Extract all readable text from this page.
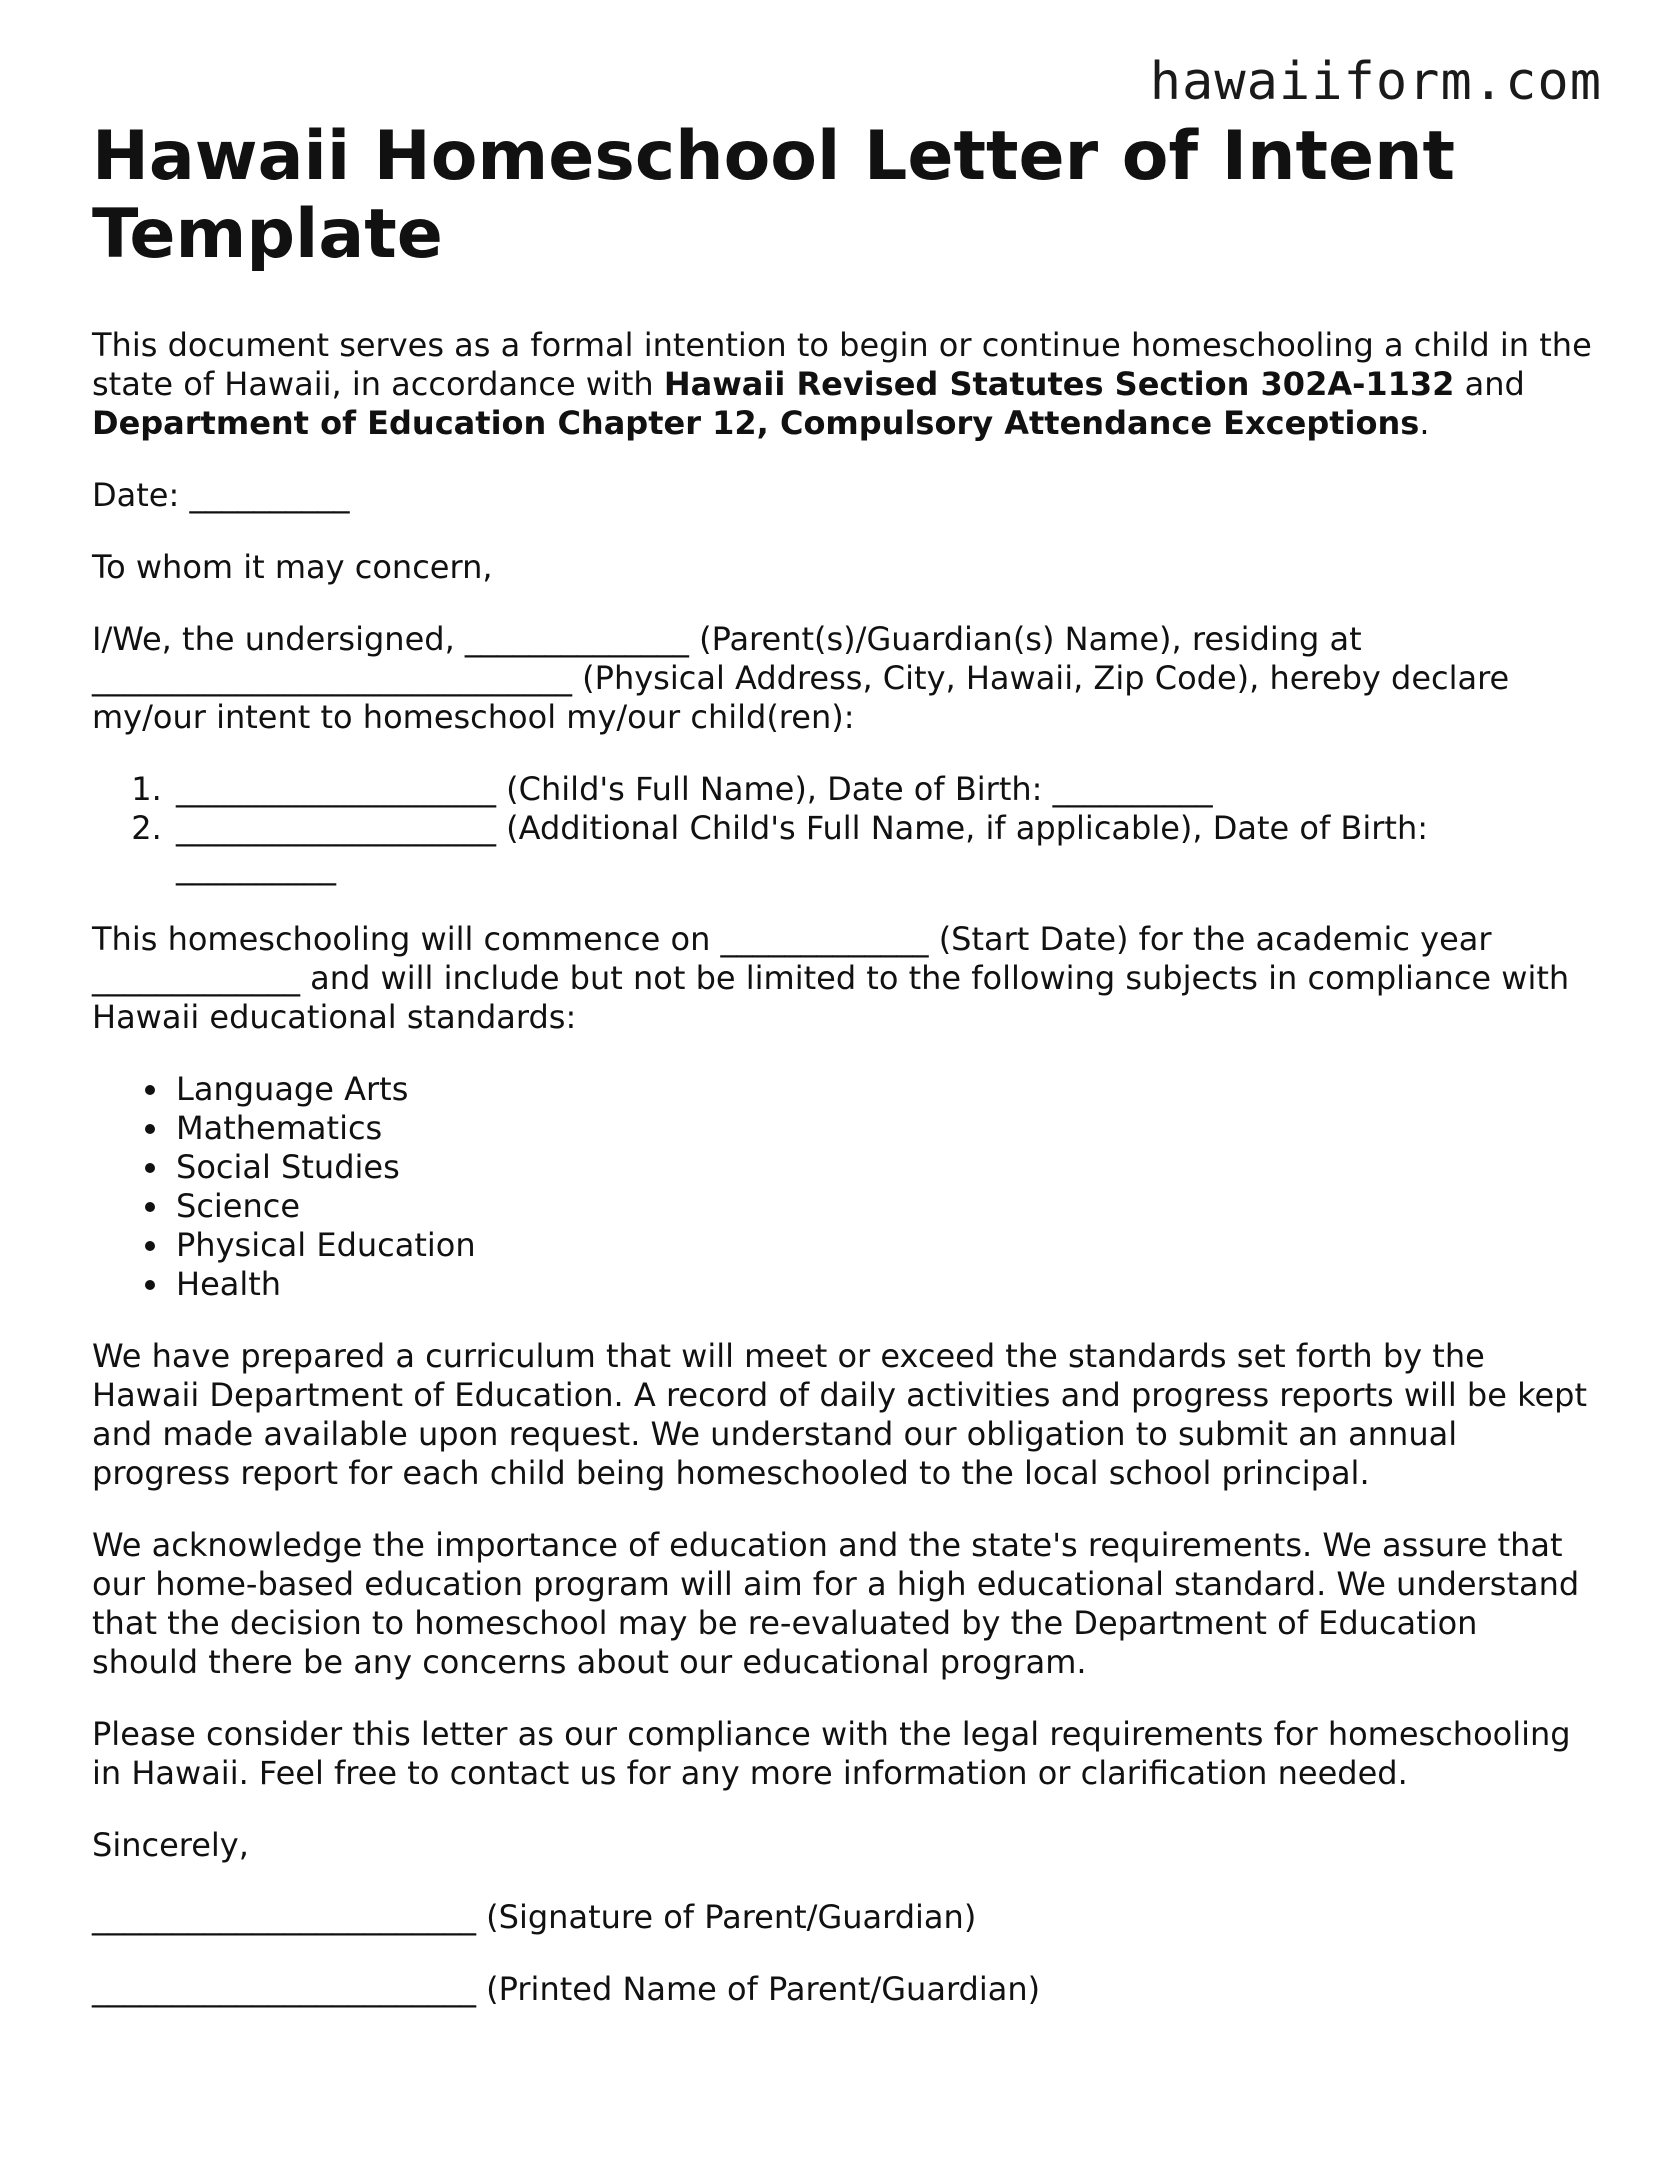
hawaiiform.com
Hawaii Homeschool Letter of Intent Template

This document serves as a formal intention to begin or continue homeschooling a child in the state of Hawaii, in accordance with Hawaii Revised Statutes Section 302A-1132 and Department of Education Chapter 12, Compulsory Attendance Exceptions.

Date: __________

To whom it may concern,

I/We, the undersigned, ______________ (Parent(s)/Guardian(s) Name), residing at ______________________________ (Physical Address, City, Hawaii, Zip Code), hereby declare my/our intent to homeschool my/our child(ren):

1. ____________________ (Child's Full Name), Date of Birth: __________
2. ____________________ (Additional Child's Full Name, if applicable), Date of Birth: __________

This homeschooling will commence on _____________ (Start Date) for the academic year _____________ and will include but not be limited to the following subjects in compliance with Hawaii educational standards:

• Language Arts
• Mathematics
• Social Studies
• Science
• Physical Education
• Health

We have prepared a curriculum that will meet or exceed the standards set forth by the Hawaii Department of Education. A record of daily activities and progress reports will be kept and made available upon request. We understand our obligation to submit an annual progress report for each child being homeschooled to the local school principal.

We acknowledge the importance of education and the state's requirements. We assure that our home-based education program will aim for a high educational standard. We understand that the decision to homeschool may be re-evaluated by the Department of Education should there be any concerns about our educational program.

Please consider this letter as our compliance with the legal requirements for homeschooling in Hawaii. Feel free to contact us for any more information or clarification needed.

Sincerely,

________________________ (Signature of Parent/Guardian)

________________________ (Printed Name of Parent/Guardian)
